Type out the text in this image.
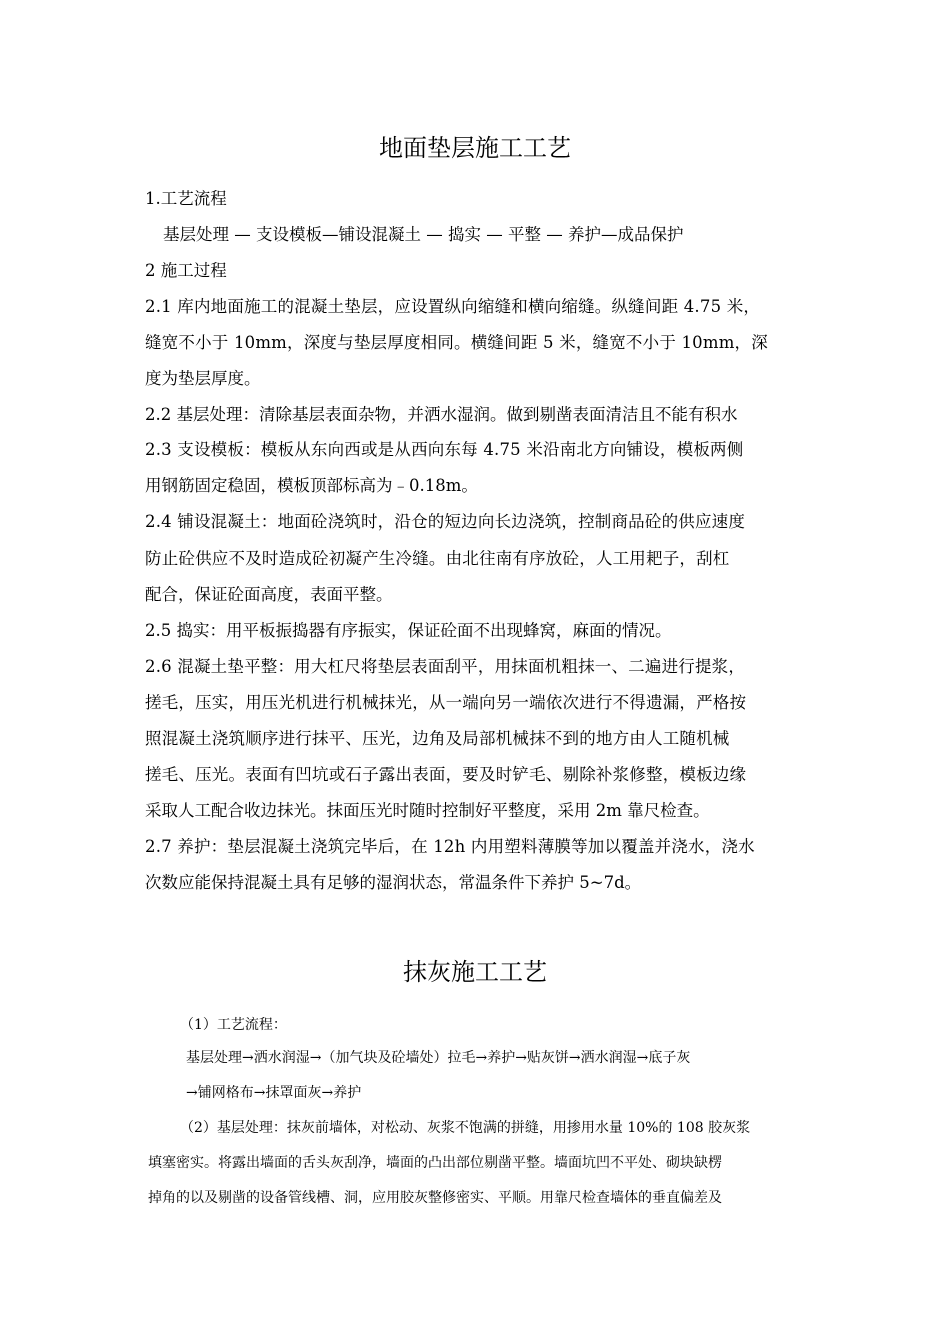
地面垫层施工工艺
1.工艺流程
基层处理 — 支设模板—铺设混凝土 — 捣实 — 平整 — 养护—成品保护
2 施工过程
2.1 库内地面施工的混凝土垫层，应设置纵向缩缝和横向缩缝。纵缝间距 4.75 米，
缝宽不小于 10mm，深度与垫层厚度相同。横缝间距 5 米，缝宽不小于 10mm，深
度为垫层厚度。
2.2 基层处理：清除基层表面杂物，并洒水湿润。做到剔凿表面清洁且不能有积水
2.3 支设模板：模板从东向西或是从西向东每 4.75 米沿南北方向铺设，模板两侧
用钢筋固定稳固，模板顶部标高为﹣0.18m。
2.4 铺设混凝土：地面砼浇筑时，沿仓的短边向长边浇筑，控制商品砼的供应速度
防止砼供应不及时造成砼初凝产生冷缝。由北往南有序放砼，人工用耙子，刮杠
配合，保证砼面高度，表面平整。
2.5 捣实：用平板振捣器有序振实，保证砼面不出现蜂窝，麻面的情况。
2.6 混凝土垫平整：用大杠尺将垫层表面刮平，用抹面机粗抹一、二遍进行提浆，
搓毛，压实，用压光机进行机械抹光，从一端向另一端依次进行不得遗漏，严格按
照混凝土浇筑顺序进行抹平、压光，边角及局部机械抹不到的地方由人工随机械
搓毛、压光。表面有凹坑或石子露出表面，要及时铲毛、剔除补浆修整，模板边缘
采取人工配合收边抹光。抹面压光时随时控制好平整度，采用 2m 靠尺检查。
2.7 养护：垫层混凝土浇筑完毕后，在 12h 内用塑料薄膜等加以覆盖并浇水，浇水
次数应能保持混凝土具有足够的湿润状态，常温条件下养护 5~7d。
抹灰施工工艺
（1）工艺流程：
基层处理→洒水润湿→（加气块及砼墙处）拉毛→养护→贴灰饼→洒水润湿→底子灰
→铺网格布→抹罩面灰→养护
（2）基层处理：抹灰前墙体，对松动、灰浆不饱满的拼缝，用掺用水量 10%的 108 胶灰浆
填塞密实。将露出墙面的舌头灰刮净，墙面的凸出部位剔凿平整。墙面坑凹不平处、砌块缺楞
掉角的以及剔凿的设备管线槽、洞，应用胶灰整修密实、平顺。用靠尺检查墙体的垂直偏差及
